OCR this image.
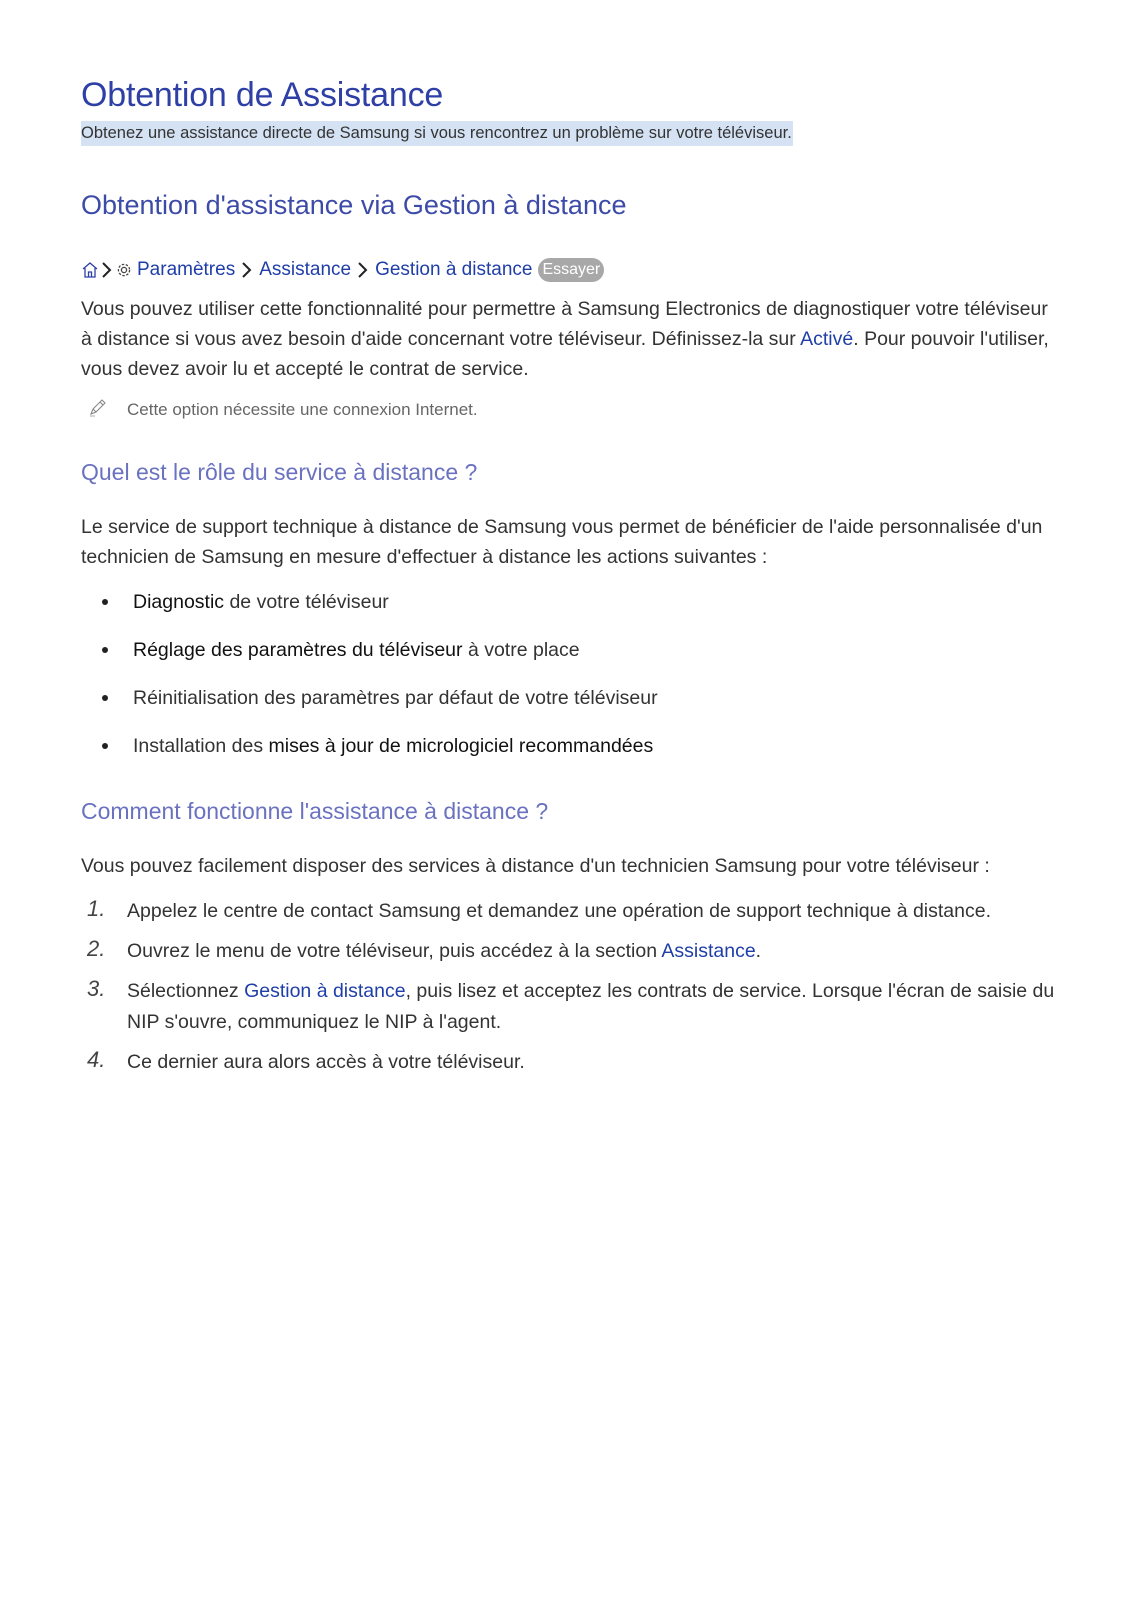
Obtention de Assistance

Obtenez une assistance directe de Samsung si vous rencontrez un problème sur votre téléviseur.

Obtention d'assistance via Gestion à distance
Paramètres Assistance Gestion à distance Essayer

Vous pouvez utiliser cette fonctionnalité pour permettre à Samsung Electronics de diagnostiquer votre téléviseur à distance si vous avez besoin d'aide concernant votre téléviseur. Définissez-la sur Activé. Pour pouvoir l'utiliser, vous devez avoir lu et accepté le contrat de service.

Cette option nécessite une connexion Internet.
Quel est le rôle du service à distance ?

Le service de support technique à distance de Samsung vous permet de bénéficier de l'aide personnalisée d'un technicien de Samsung en mesure d'effectuer à distance les actions suivantes :

Diagnostic de votre téléviseur
Réglage des paramètres du téléviseur à votre place
Réinitialisation des paramètres par défaut de votre téléviseur
Installation des mises à jour de micrologiciel recommandées
Comment fonctionne l'assistance à distance ?

Vous pouvez facilement disposer des services à distance d'un technicien Samsung pour votre téléviseur :

1. Appelez le centre de contact Samsung et demandez une opération de support technique à distance.
2. Ouvrez le menu de votre téléviseur, puis accédez à la section Assistance.
3. Sélectionnez Gestion à distance, puis lisez et acceptez les contrats de service. Lorsque l'écran de saisie du NIP s'ouvre, communiquez le NIP à l'agent.
4. Ce dernier aura alors accès à votre téléviseur.
